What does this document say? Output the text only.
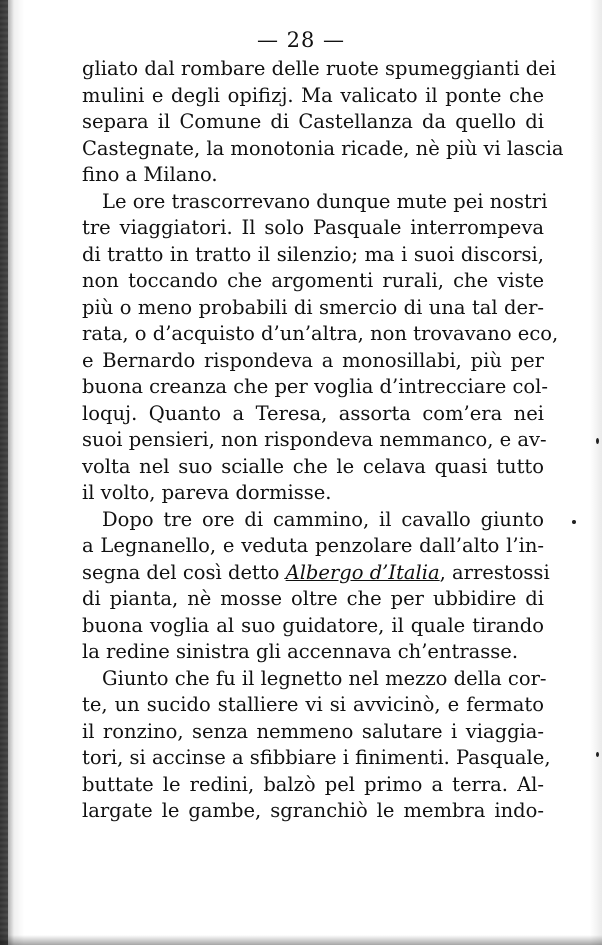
— 28 —
gliato dal rombare delle ruote spumeggianti dei
mulini e degli opifizj. Ma valicato il ponte che
separa il Comune di Castellanza da quello di
Castegnate, la monotonia ricade, nè più vi lascia
fino a Milano.
Le ore trascorrevano dunque mute pei nostri
tre viaggiatori. Il solo Pasquale interrompeva
di tratto in tratto il silenzio; ma i suoi discorsi,
non toccando che argomenti rurali, che viste
più o meno probabili di smercio di una tal der-
rata, o d’acquisto d’un’altra, non trovavano eco,
e Bernardo rispondeva a monosillabi, più per
buona creanza che per voglia d’intrecciare col-
loquj. Quanto a Teresa, assorta com’era nei
suoi pensieri, non rispondeva nemmanco, e av-
volta nel suo scialle che le celava quasi tutto
il volto, pareva dormisse.
Dopo tre ore di cammino, il cavallo giunto
a Legnanello, e veduta penzolare dall’alto l’in-
segna del così detto Albergo d’Italia, arrestossi
di pianta, nè mosse oltre che per ubbidire di
buona voglia al suo guidatore, il quale tirando
la redine sinistra gli accennava ch’entrasse.
Giunto che fu il legnetto nel mezzo della cor-
te, un sucido stalliere vi si avvicinò, e fermato
il ronzino, senza nemmeno salutare i viaggia-
tori, si accinse a sfibbiare i finimenti. Pasquale,
buttate le redini, balzò pel primo a terra. Al-
largate le gambe, sgranchiò le membra indo-
